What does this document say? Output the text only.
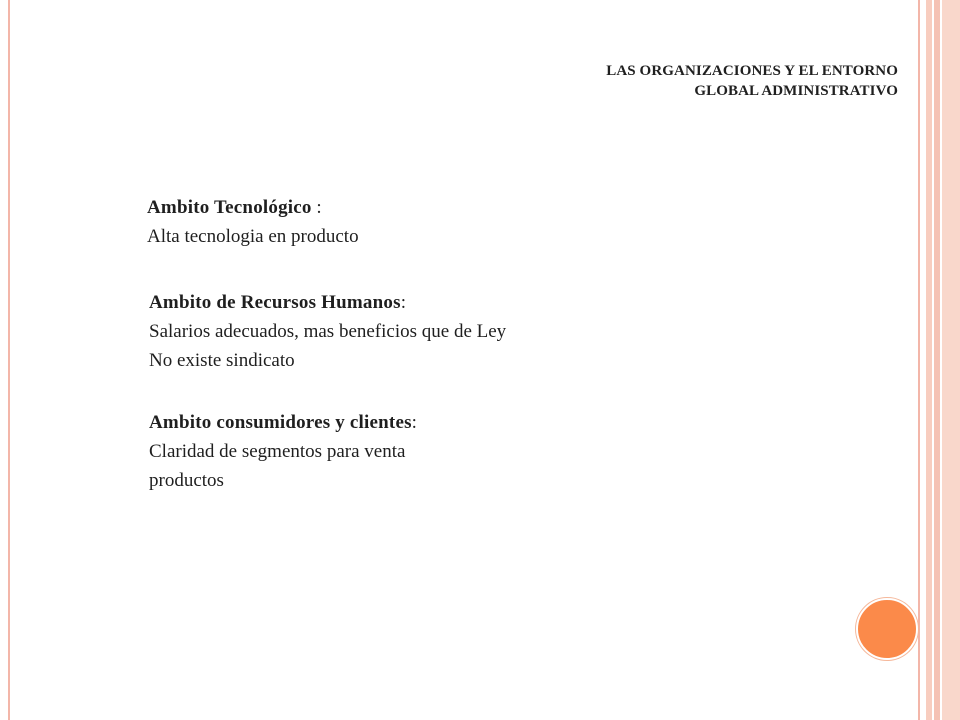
LAS ORGANIZACIONES Y EL ENTORNO
GLOBAL ADMINISTRATIVO
Ambito Tecnológico :
Alta tecnologia en producto
Ambito de Recursos Humanos:
Salarios adecuados, mas beneficios que de Ley
No existe sindicato
Ambito consumidores y clientes:
Claridad de segmentos para venta
productos
